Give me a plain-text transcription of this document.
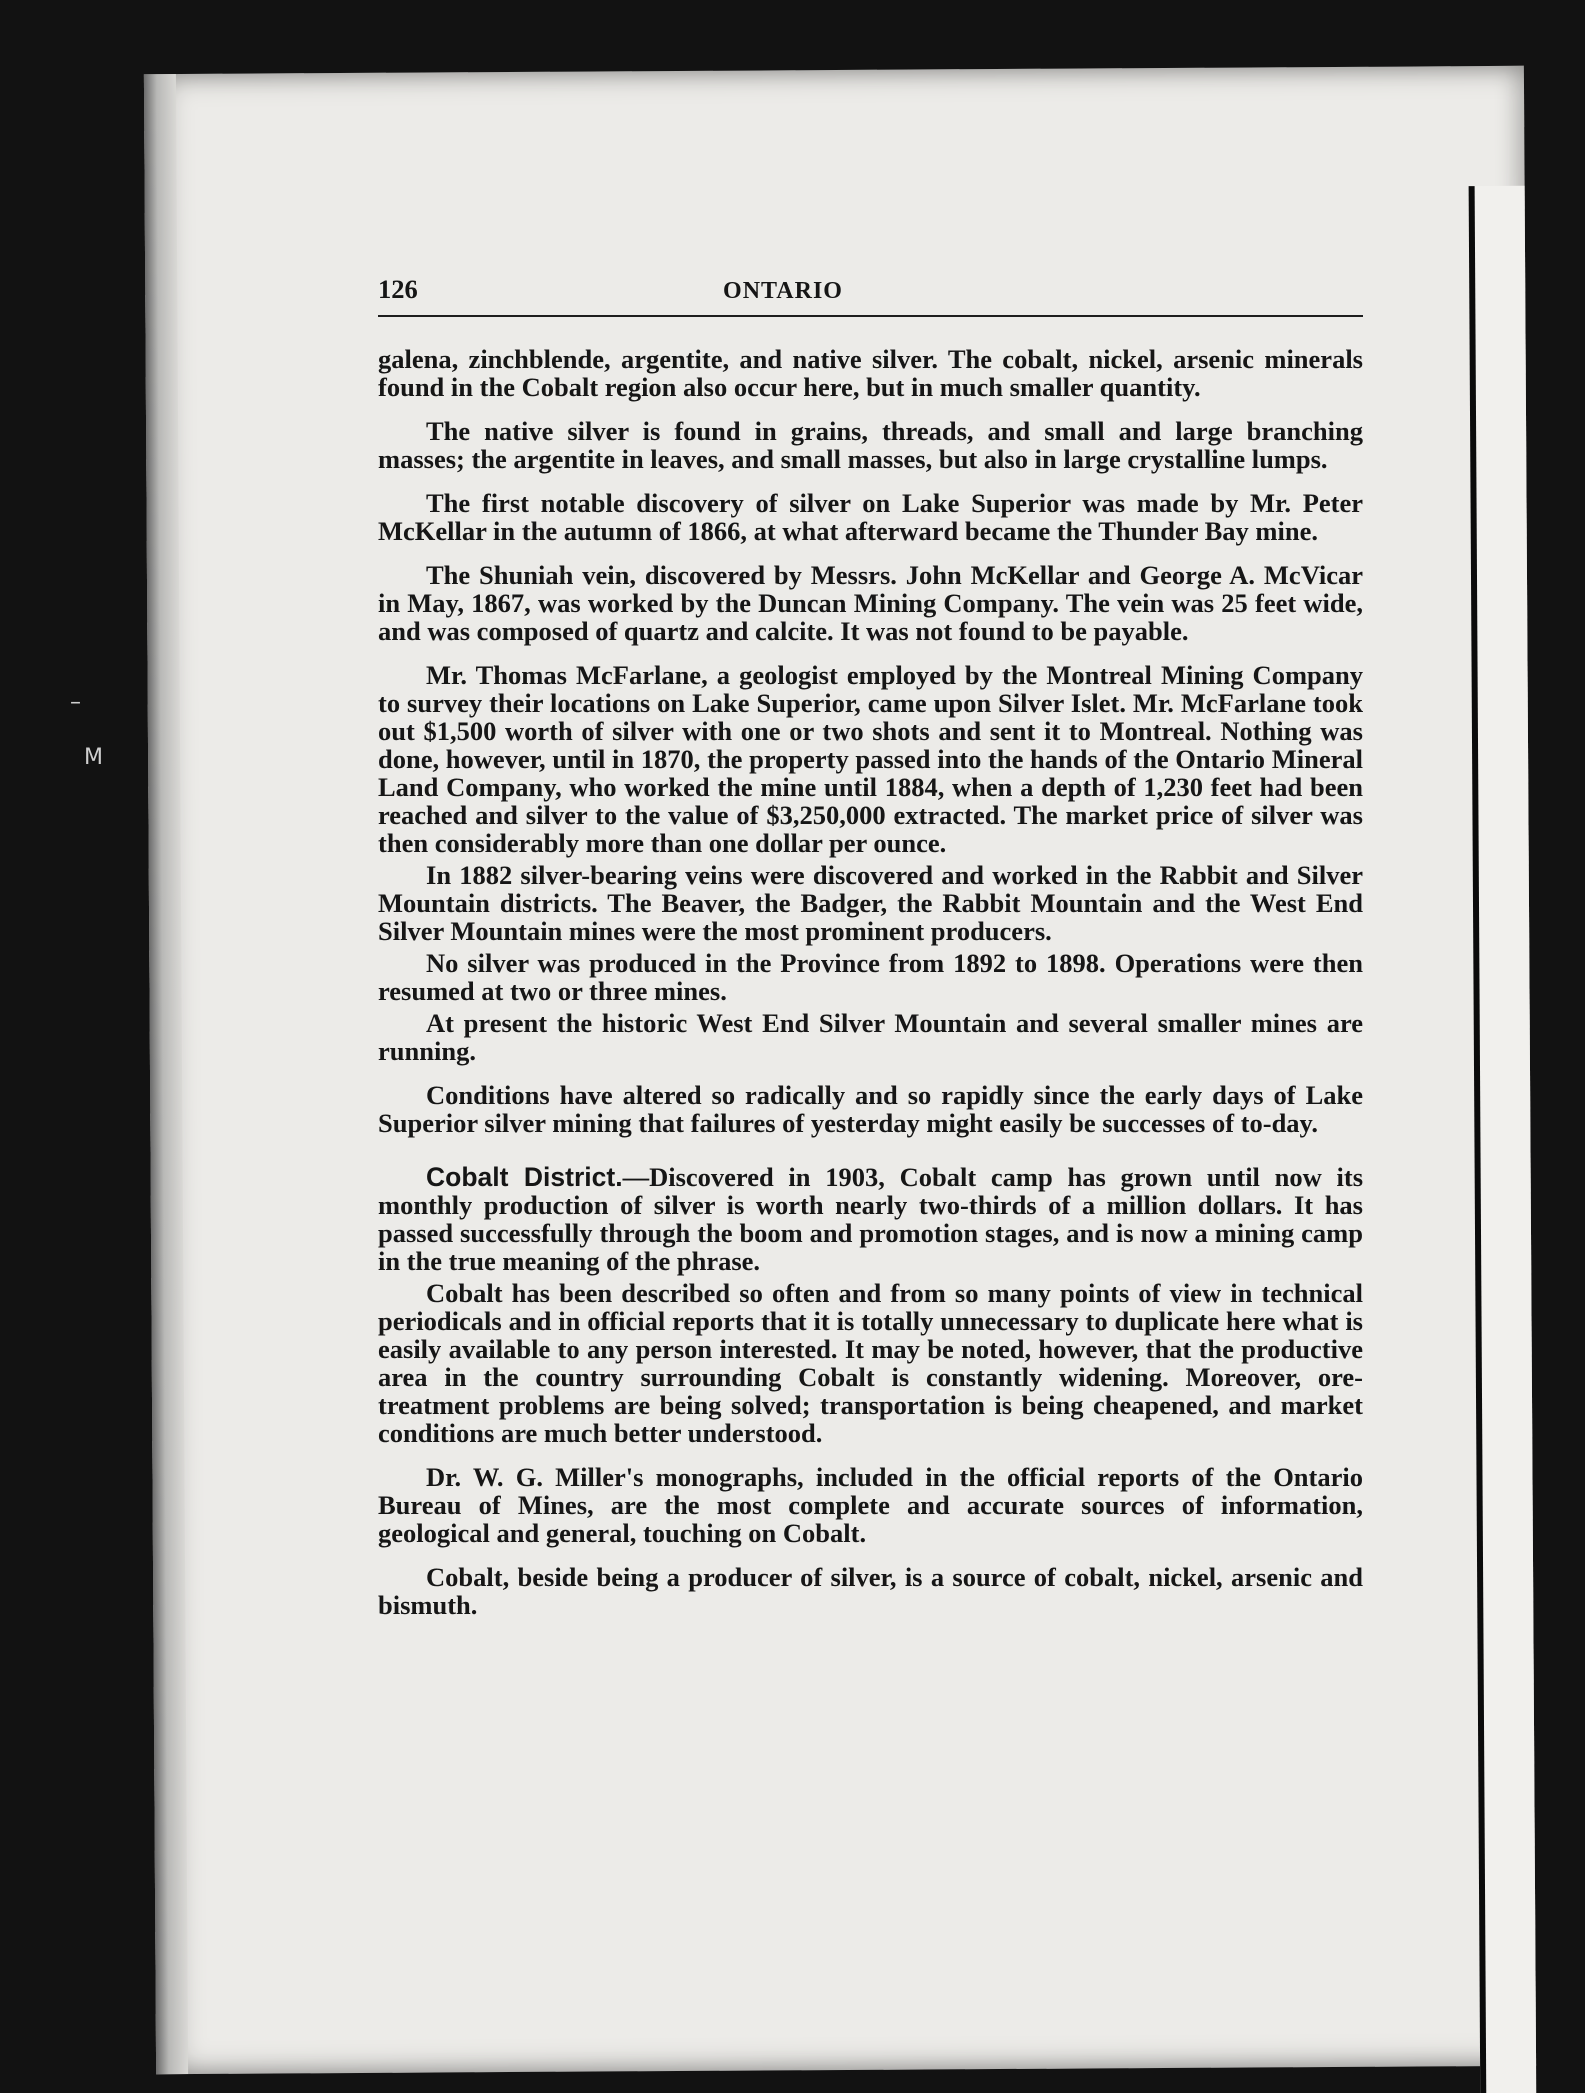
M
–
126	ONTARIO

galena, zinchblende, argentite, and native silver. The cobalt, nickel, arsenic minerals found in the Cobalt region also occur here, but in much smaller quantity.

The native silver is found in grains, threads, and small and large branching masses; the argentite in leaves, and small masses, but also in large crystalline lumps.

The first notable discovery of silver on Lake Superior was made by Mr. Peter McKellar in the autumn of 1866, at what afterward became the Thunder Bay mine.

The Shuniah vein, discovered by Messrs. John McKellar and George A. McVicar in May, 1867, was worked by the Duncan Mining Company. The vein was 25 feet wide, and was composed of quartz and calcite. It was not found to be payable.

Mr. Thomas McFarlane, a geologist employed by the Montreal Mining Company to survey their locations on Lake Superior, came upon Silver Islet. Mr. McFarlane took out $1,500 worth of silver with one or two shots and sent it to Montreal. Nothing was done, however, until in 1870, the property passed into the hands of the Ontario Mineral Land Company, who worked the mine until 1884, when a depth of 1,230 feet had been reached and silver to the value of $3,250,000 extracted. The market price of silver was then considerably more than one dollar per ounce.

In 1882 silver-bearing veins were discovered and worked in the Rabbit and Silver Mountain districts. The Beaver, the Badger, the Rabbit Mountain and the West End Silver Mountain mines were the most prominent producers.

No silver was produced in the Province from 1892 to 1898. Operations were then resumed at two or three mines.

At present the historic West End Silver Mountain and several smaller mines are running.

Conditions have altered so radically and so rapidly since the early days of Lake Superior silver mining that failures of yesterday might easily be successes of to-day.

Cobalt District.—Discovered in 1903, Cobalt camp has grown until now its monthly production of silver is worth nearly two-thirds of a million dollars. It has passed successfully through the boom and promotion stages, and is now a mining camp in the true meaning of the phrase.

Cobalt has been described so often and from so many points of view in technical periodicals and in official reports that it is totally unnecessary to duplicate here what is easily available to any person interested. It may be noted, however, that the productive area in the country surrounding Cobalt is constantly widening. Moreover, ore-treatment problems are being solved; transportation is being cheapened, and market conditions are much better understood.

Dr. W. G. Miller's monographs, included in the official reports of the Ontario Bureau of Mines, are the most complete and accurate sources of information, geological and general, touching on Cobalt.

Cobalt, beside being a producer of silver, is a source of cobalt, nickel, arsenic and bismuth.
